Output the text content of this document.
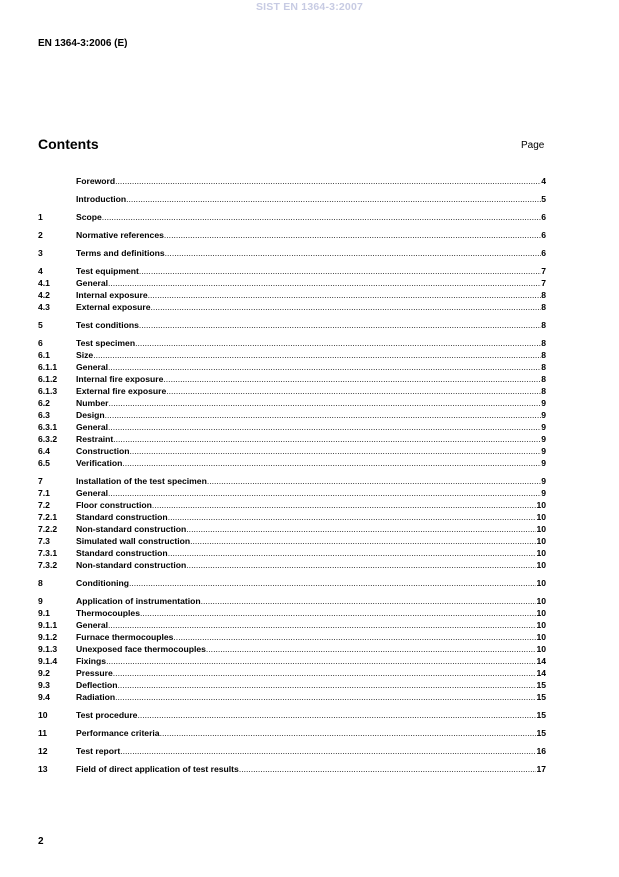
SIST EN 1364-3:2007
EN 1364-3:2006 (E)
Contents	Page
Foreword .....	4
Introduction .....	5
1	Scope .....	6
2	Normative references .....	6
3	Terms and definitions .....	6
4	Test equipment .....	7
4.1	General .....	7
4.2	Internal exposure .....	8
4.3	External exposure .....	8
5	Test conditions .....	8
6	Test specimen .....	8
6.1	Size .....	8
6.1.1	General .....	8
6.1.2	Internal fire exposure .....	8
6.1.3	External fire exposure .....	8
6.2	Number .....	9
6.3	Design .....	9
6.3.1	General .....	9
6.3.2	Restraint .....	9
6.4	Construction .....	9
6.5	Verification .....	9
7	Installation of the test specimen .....	9
7.1	General .....	9
7.2	Floor construction .....	10
7.2.1	Standard construction .....	10
7.2.2	Non-standard construction .....	10
7.3	Simulated wall construction .....	10
7.3.1	Standard construction .....	10
7.3.2	Non-standard construction .....	10
8	Conditioning .....	10
9	Application of instrumentation .....	10
9.1	Thermocouples .....	10
9.1.1	General .....	10
9.1.2	Furnace thermocouples .....	10
9.1.3	Unexposed face thermocouples .....	10
9.1.4	Fixings .....	14
9.2	Pressure .....	14
9.3	Deflection .....	15
9.4	Radiation .....	15
10	Test procedure .....	15
11	Performance criteria .....	15
12	Test report .....	16
13	Field of direct application of test results .....	17
2
